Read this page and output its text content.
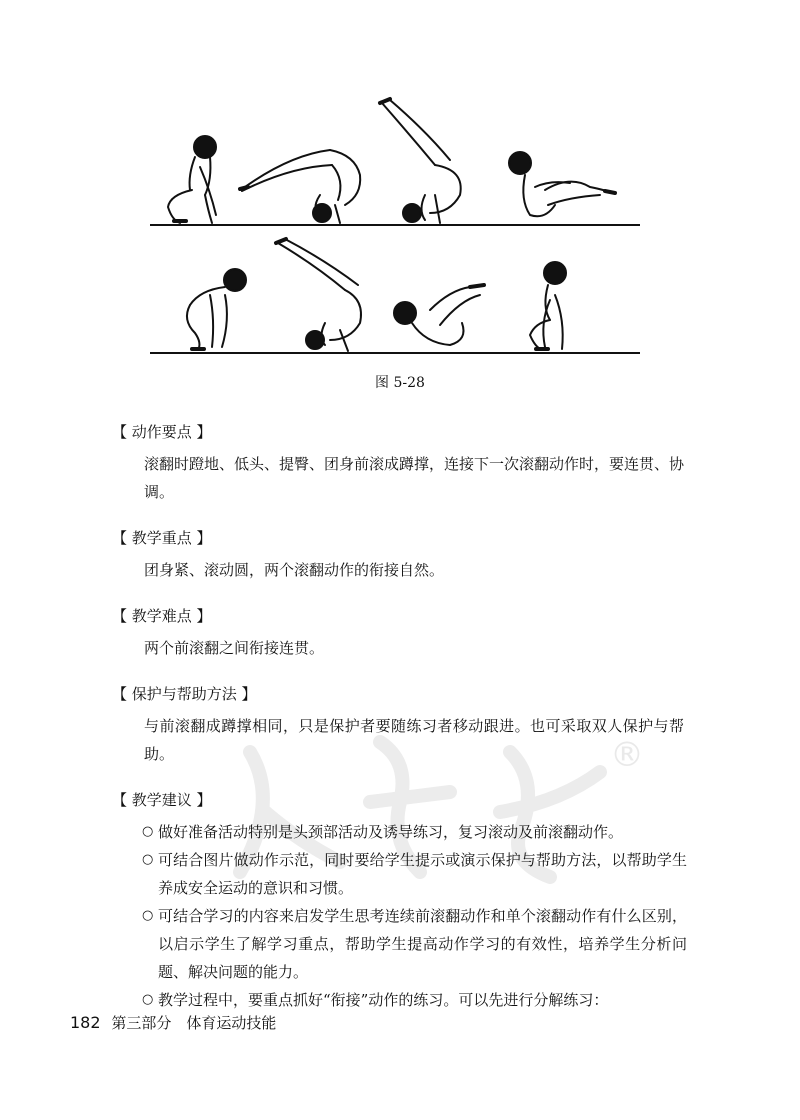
®
图 5-28
【 动作要点 】

滚翻时蹬地、低头、提臀、团身前滚成蹲撑，连接下一次滚翻动作时，要连贯、协调。

【 教学重点 】

团身紧、滚动圆，两个滚翻动作的衔接自然。

【 教学难点 】

两个前滚翻之间衔接连贯。

【 保护与帮助方法 】

与前滚翻成蹲撑相同，只是保护者要随练习者移动跟进。也可采取双人保护与帮助。

【 教学建议 】
○ 做好准备活动特别是头颈部活动及诱导练习，复习滚动及前滚翻动作。
○ 可结合图片做动作示范，同时要给学生提示或演示保护与帮助方法，以帮助学生养成安全运动的意识和习惯。
○ 可结合学习的内容来启发学生思考连续前滚翻动作和单个滚翻动作有什么区别，以启示学生了解学习重点，帮助学生提高动作学习的有效性，培养学生分析问题、解决问题的能力。
○ 教学过程中，要重点抓好“衔接”动作的练习。可以先进行分解练习：
182 第三部分　体育运动技能
